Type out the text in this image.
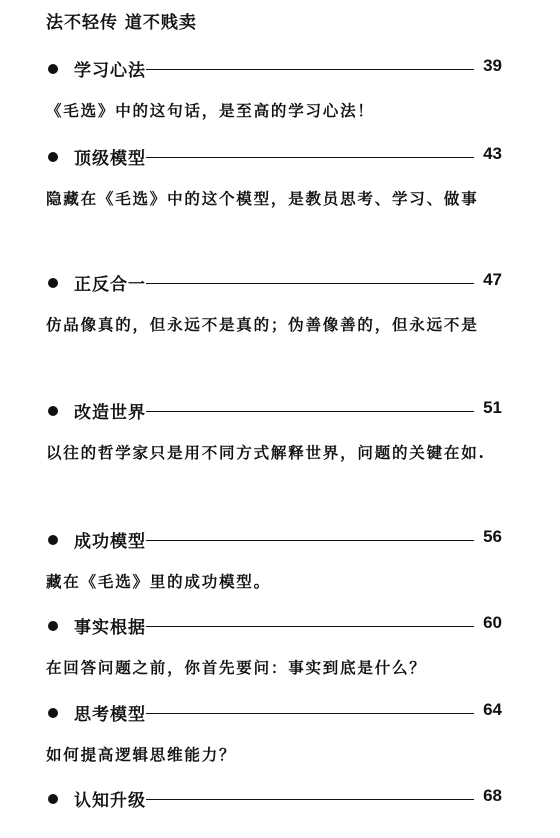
法不轻传 道不贱卖
学习心法	39
《毛选》中的这句话，是至高的学习心法！
顶级模型	43
隐藏在《毛选》中的这个模型，是教员思考、学习、做事
正反合一	47
仿品像真的，但永远不是真的；伪善像善的，但永远不是
改造世界	51
以往的哲学家只是用不同方式解释世界，问题的关键在如.
成功模型	56
藏在《毛选》里的成功模型。
事实根据	60
在回答问题之前，你首先要问：事实到底是什么？
思考模型	64
如何提高逻辑思维能力？
认知升级	68
